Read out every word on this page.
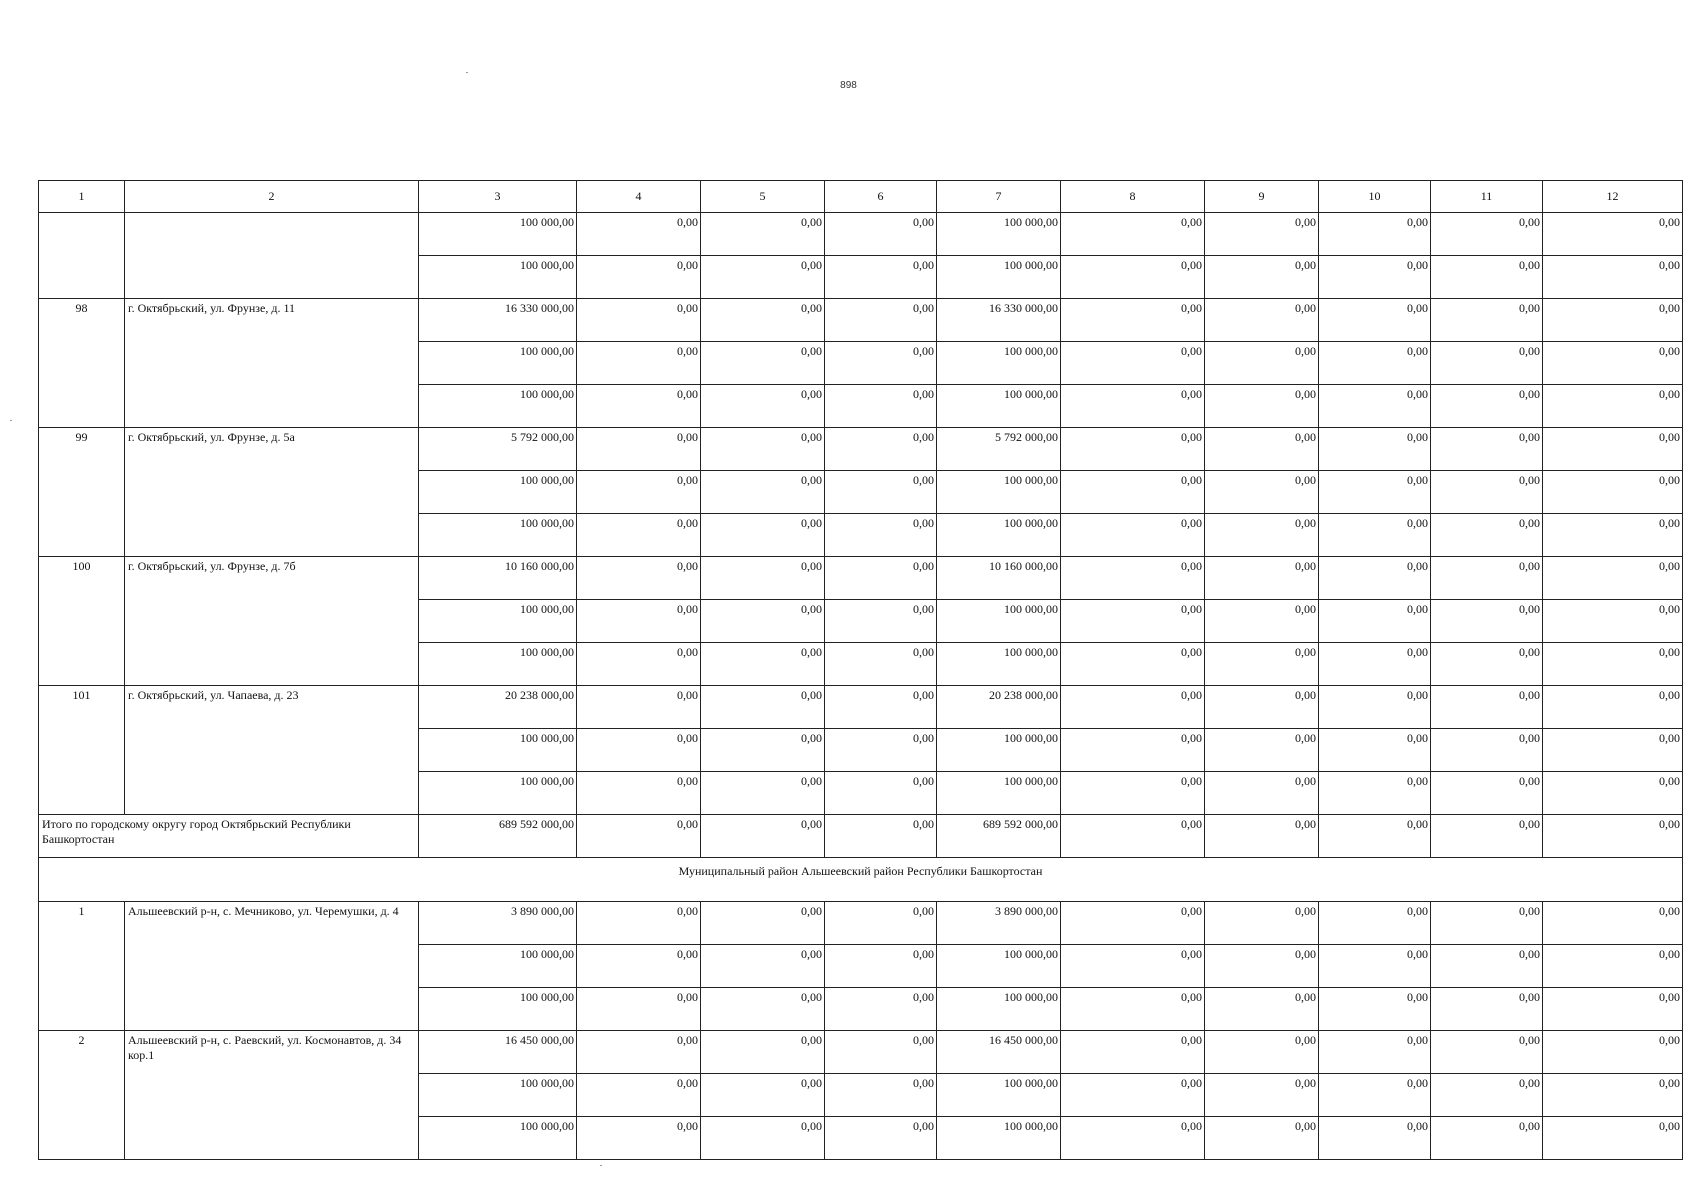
898
1	2	3	4	5	6	7	8	9	10	11	12
		100 000,00	0,00	0,00	0,00	100 000,00	0,00	0,00	0,00	0,00	0,00
		100 000,00	0,00	0,00	0,00	100 000,00	0,00	0,00	0,00	0,00	0,00
98	г. Октябрьский, ул. Фрунзе, д. 11	16 330 000,00	0,00	0,00	0,00	16 330 000,00	0,00	0,00	0,00	0,00	0,00
		100 000,00	0,00	0,00	0,00	100 000,00	0,00	0,00	0,00	0,00	0,00
		100 000,00	0,00	0,00	0,00	100 000,00	0,00	0,00	0,00	0,00	0,00
99	г. Октябрьский, ул. Фрунзе, д. 5а	5 792 000,00	0,00	0,00	0,00	5 792 000,00	0,00	0,00	0,00	0,00	0,00
		100 000,00	0,00	0,00	0,00	100 000,00	0,00	0,00	0,00	0,00	0,00
		100 000,00	0,00	0,00	0,00	100 000,00	0,00	0,00	0,00	0,00	0,00
100	г. Октябрьский, ул. Фрунзе, д. 7б	10 160 000,00	0,00	0,00	0,00	10 160 000,00	0,00	0,00	0,00	0,00	0,00
		100 000,00	0,00	0,00	0,00	100 000,00	0,00	0,00	0,00	0,00	0,00
		100 000,00	0,00	0,00	0,00	100 000,00	0,00	0,00	0,00	0,00	0,00
101	г. Октябрьский, ул. Чапаева, д. 23	20 238 000,00	0,00	0,00	0,00	20 238 000,00	0,00	0,00	0,00	0,00	0,00
		100 000,00	0,00	0,00	0,00	100 000,00	0,00	0,00	0,00	0,00	0,00
		100 000,00	0,00	0,00	0,00	100 000,00	0,00	0,00	0,00	0,00	0,00
Итого по городскому округу город Октябрьский Республики Башкортостан		689 592 000,00	0,00	0,00	0,00	689 592 000,00	0,00	0,00	0,00	0,00	0,00
Муниципальный район Альшеевский район Республики Башкортостан											
1	Альшеевский р-н, с. Мечниково, ул. Черемушки, д. 4	3 890 000,00	0,00	0,00	0,00	3 890 000,00	0,00	0,00	0,00	0,00	0,00
		100 000,00	0,00	0,00	0,00	100 000,00	0,00	0,00	0,00	0,00	0,00
		100 000,00	0,00	0,00	0,00	100 000,00	0,00	0,00	0,00	0,00	0,00
2	Альшеевский р-н, с. Раевский, ул. Космонавтов, д. 34 кор.1	16 450 000,00	0,00	0,00	0,00	16 450 000,00	0,00	0,00	0,00	0,00	0,00
		100 000,00	0,00	0,00	0,00	100 000,00	0,00	0,00	0,00	0,00	0,00
		100 000,00	0,00	0,00	0,00	100 000,00	0,00	0,00	0,00	0,00	0,00
